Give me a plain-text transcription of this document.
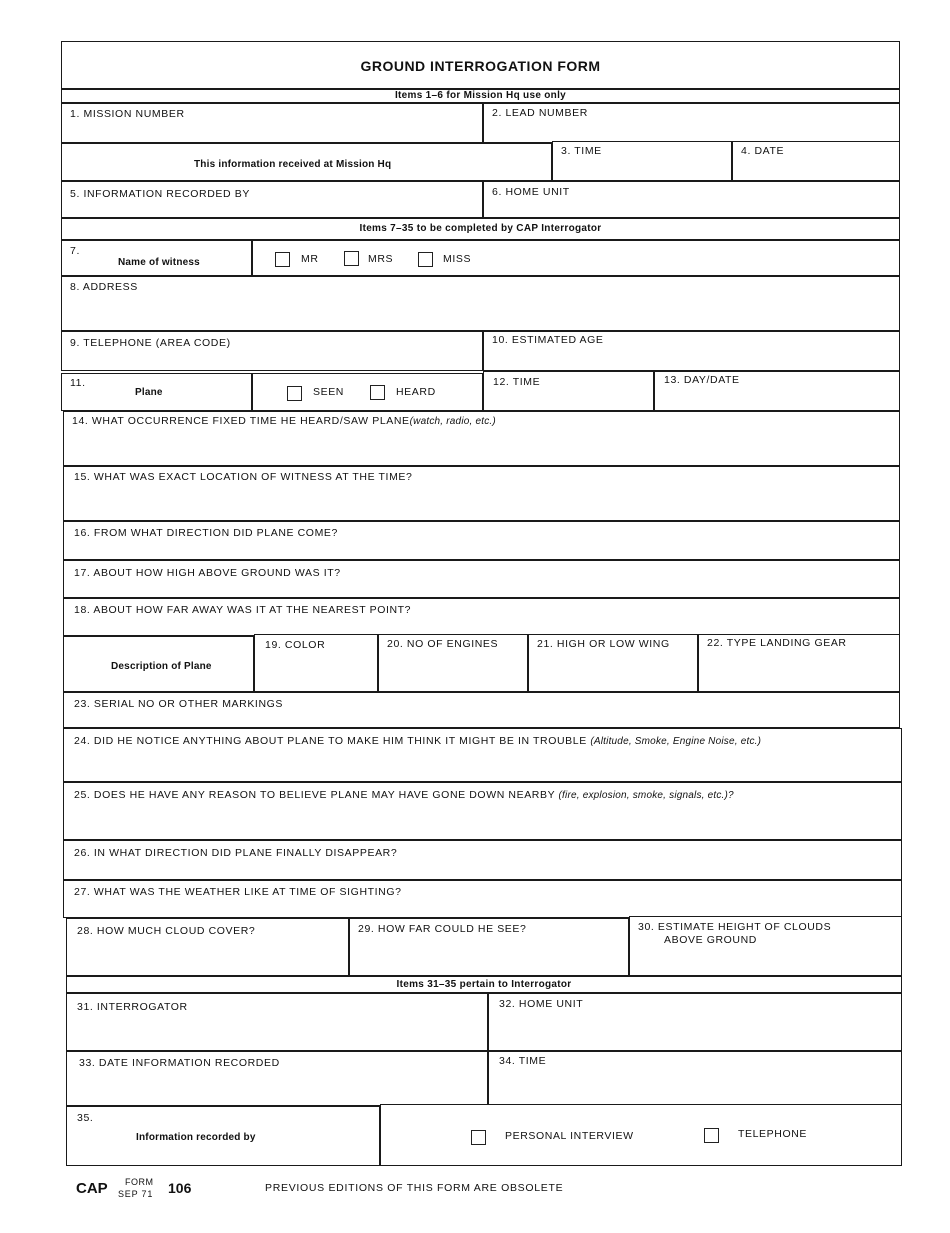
GROUND INTERROGATION FORM
Items 1–6 for Mission Hq use only
1. MISSION NUMBER	2. LEAD NUMBER
This information received at Mission Hq
3. TIME	4. DATE
5. INFORMATION RECORDED BY	6. HOME UNIT
Items 7–35 to be completed by CAP Interrogator
7.
Name of witness	MR	MRS	MISS
8. ADDRESS
9. TELEPHONE (AREA CODE)	10. ESTIMATED AGE
11.
Plane	SEEN	HEARD
12. TIME	13. DAY/DATE
14. WHAT OCCURRENCE FIXED TIME HE HEARD/SAW PLANE(watch, radio, etc.)
15. WHAT WAS EXACT LOCATION OF WITNESS AT THE TIME?
16. FROM WHAT DIRECTION DID PLANE COME?
17. ABOUT HOW HIGH ABOVE GROUND WAS IT?
18. ABOUT HOW FAR AWAY WAS IT AT THE NEAREST POINT?
Description of Plane
19. COLOR	20. NO OF ENGINES	21. HIGH OR LOW WING	22. TYPE LANDING GEAR
23. SERIAL NO OR OTHER MARKINGS
24. DID HE NOTICE ANYTHING ABOUT PLANE TO MAKE HIM THINK IT MIGHT BE IN TROUBLE (Altitude, Smoke, Engine Noise, etc.)
25. DOES HE HAVE ANY REASON TO BELIEVE PLANE MAY HAVE GONE DOWN NEARBY (fire, explosion, smoke, signals, etc.)?
26. IN WHAT DIRECTION DID PLANE FINALLY DISAPPEAR?
27. WHAT WAS THE WEATHER LIKE AT TIME OF SIGHTING?
28. HOW MUCH CLOUD COVER?	29. HOW FAR COULD HE SEE?	30. ESTIMATE HEIGHT OF CLOUDS
ABOVE GROUND
Items 31–35 pertain to Interrogator
31. INTERROGATOR	32. HOME UNIT
33. DATE INFORMATION RECORDED	34. TIME
35.
Information recorded by	PERSONAL INTERVIEW	TELEPHONE
CAP FORM
SEP 71 106	PREVIOUS EDITIONS OF THIS FORM ARE OBSOLETE
